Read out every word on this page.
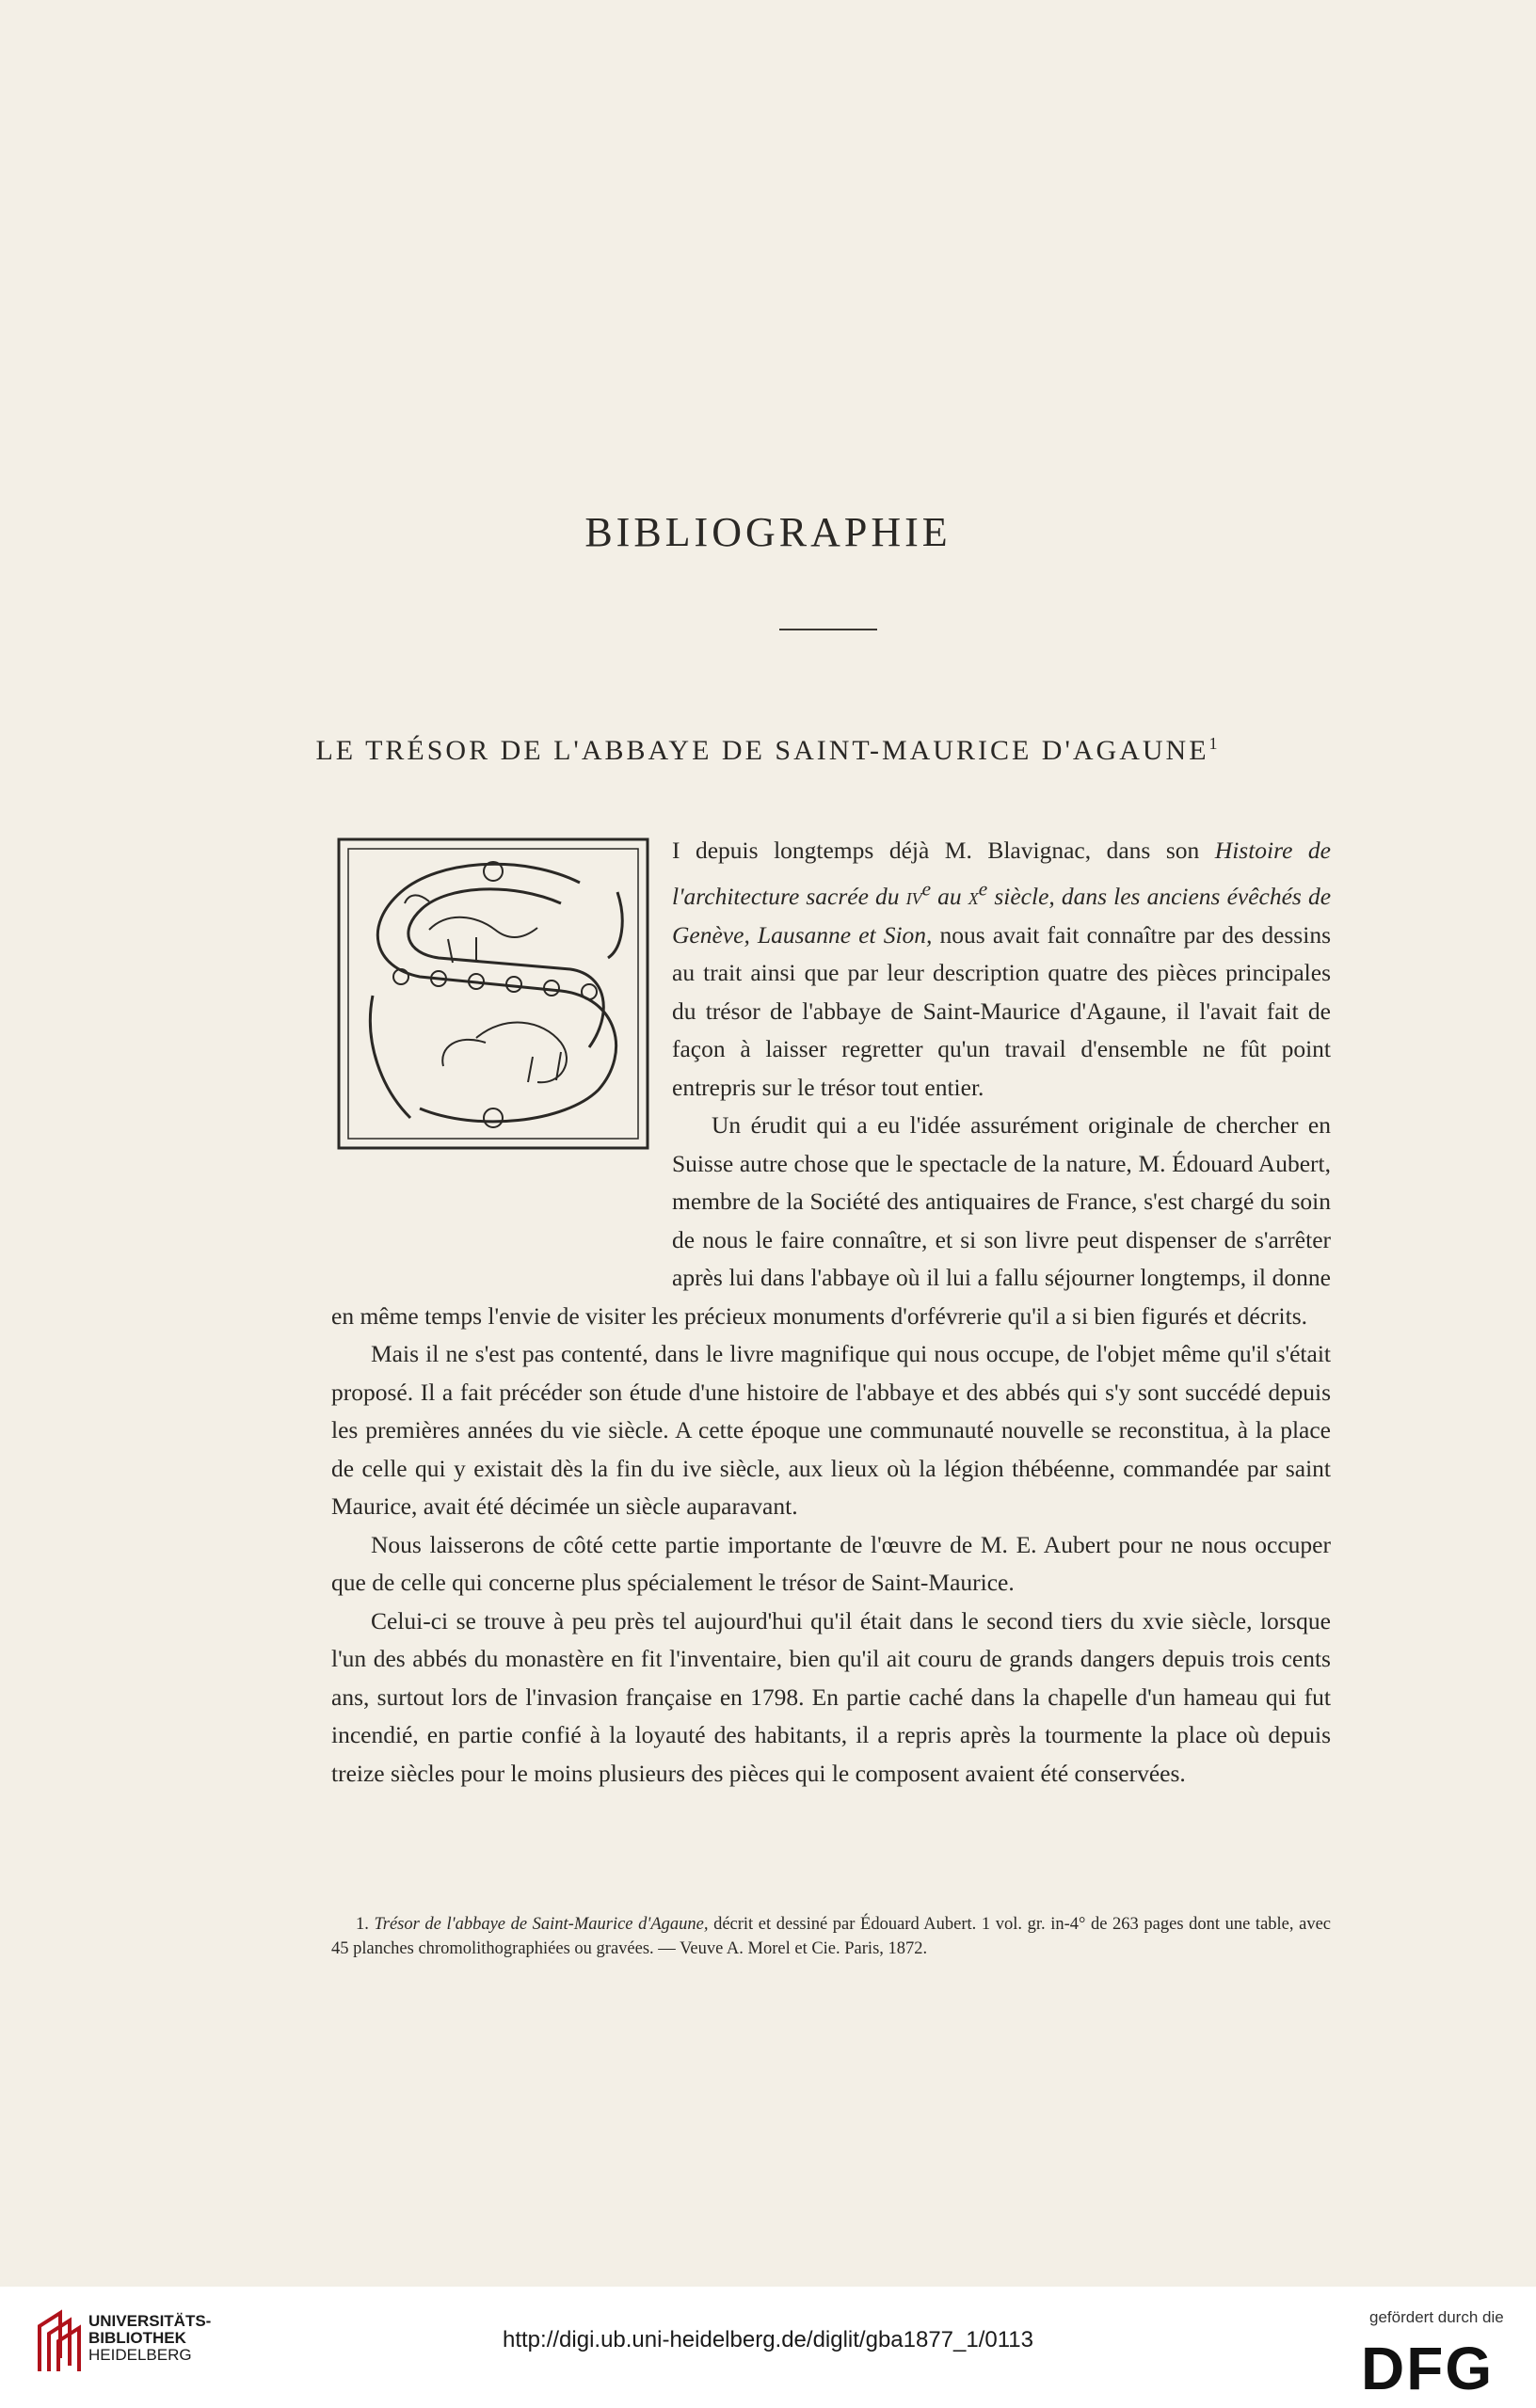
BIBLIOGRAPHIE
LE TRÉSOR DE L'ABBAYE DE SAINT-MAURICE D'AGAUNE$^1$

I depuis longtemps déjà M. Blavignac, dans son Histoire de l'architecture sacrée du $iv^e$ au $x^e$ siècle, dans les anciens évêchés de Genève, Lausanne et Sion, nous avait fait connaître par des dessins au trait ainsi que par leur description quatre des pièces principales du trésor de l'abbaye de Saint-Maurice d'Agaune, il l'avait fait de façon à laisser regretter qu'un travail d'ensemble ne fût point entrepris sur le trésor tout entier.

Un érudit qui a eu l'idée assurément originale de chercher en Suisse autre chose que le spectacle de la nature, M. Édouard Aubert, membre de la Société des antiquaires de France, s'est chargé du soin de nous le faire connaître, et si son livre peut dispenser de s'arrêter après lui dans l'abbaye où il lui a fallu séjourner longtemps, il donne en même temps l'envie de visiter les précieux monuments d'orfévrerie qu'il a si bien figurés et décrits.

Mais il ne s'est pas contenté, dans le livre magnifique qui nous occupe, de l'objet même qu'il s'était proposé. Il a fait précéder son étude d'une histoire de l'abbaye et des abbés qui s'y sont succédé depuis les premières années du vie siècle. A cette époque une communauté nouvelle se reconstitua, à la place de celle qui y existait dès la fin du ive siècle, aux lieux où la légion thébéenne, commandée par saint Maurice, avait été décimée un siècle auparavant.

Nous laisserons de côté cette partie importante de l'œuvre de M. E. Aubert pour ne nous occuper que de celle qui concerne plus spécialement le trésor de Saint-Maurice.

Celui-ci se trouve à peu près tel aujourd'hui qu'il était dans le second tiers du xvie siècle, lorsque l'un des abbés du monastère en fit l'inventaire, bien qu'il ait couru de grands dangers depuis trois cents ans, surtout lors de l'invasion française en 1798. En partie caché dans la chapelle d'un hameau qui fut incendié, en partie confié à la loyauté des habitants, il a repris après la tourmente la place où depuis treize siècles pour le moins plusieurs des pièces qui le composent avaient été conservées.

1. Trésor de l'abbaye de Saint-Maurice d'Agaune, décrit et dessiné par Édouard Aubert. 1 vol. gr. in-4° de 263 pages dont une table, avec 45 planches chromolithographiées ou gravées. — Veuve A. Morel et Cie. Paris, 1872.
UNIVERSITÄTS-
BIBLIOTHEK
HEIDELBERG
http://digi.ub.uni-heidelberg.de/diglit/gba1877_1/0113
gefördert durch die
DFG
